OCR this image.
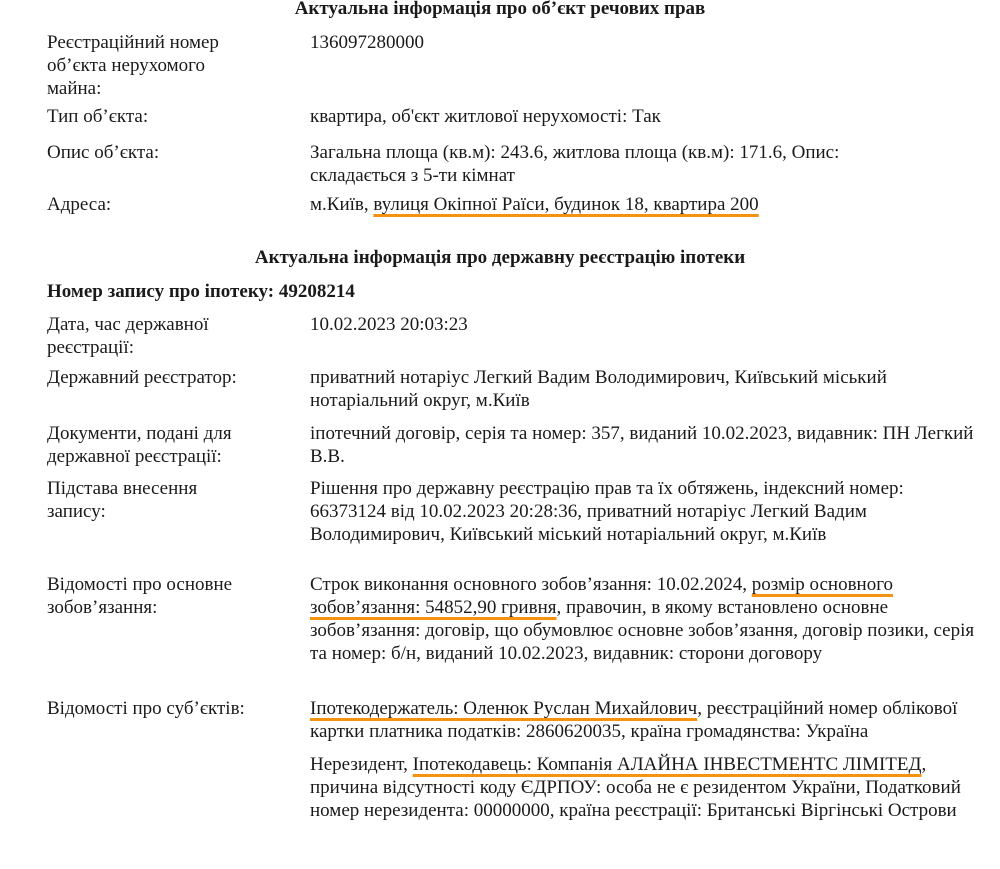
Актуальна інформація про об’єкт речових прав
Реєстраційний номер об’єкта нерухомого майна:
136097280000
Тип об’єкта:	квартира, об'єкт житлової нерухомості: Так
Опис об’єкта:	Загальна площа (кв.м): 243.6, житлова площа (кв.м): 171.6, Опис: складається з 5-ти кімнат
Адреса:	м.Київ, вулиця Окіпної Раїси, будинок 18, квартира 200
Актуальна інформація про державну реєстрацію іпотеки
Номер запису про іпотеку: 49208214
Дата, час державної реєстрації:
10.02.2023 20:03:23
Державний реєстратор:	приватний нотаріус Легкий Вадим Володимирович, Київський міський нотаріальний округ, м.Київ
Документи, подані для державної реєстрації:
іпотечний договір, серія та номер: 357, виданий 10.02.2023, видавник: ПН Легкий В.В.
Підстава внесення запису:
Рішення про державну реєстрацію прав та їх обтяжень, індексний номер: 66373124 від 10.02.2023 20:28:36, приватний нотаріус Легкий Вадим Володимирович, Київський міський нотаріальний округ, м.Київ
Відомості про основне зобов’язання:
Строк виконання основного зобов’язання: 10.02.2024, розмір основного зобов’язання: 54852,90 гривня, правочин, в якому встановлено основне зобов’язання: договір, що обумовлює основне зобов’язання, договір позики, серія та номер: б/н, виданий 10.02.2023, видавник: сторони договору
Відомості про суб’єктів:	Іпотекодержатель: Оленюк Руслан Михайлович, реєстраційний номер облікової картки платника податків: 2860620035, країна громадянства: Україна
Нерезидент, Іпотекодавець: Компанія АЛАЙНА ІНВЕСТМЕНТС ЛІМІТЕД, причина відсутності коду ЄДРПОУ: особа не є резидентом України, Податковий номер нерезидента: 00000000, країна реєстрації: Британські Віргінські Острови
